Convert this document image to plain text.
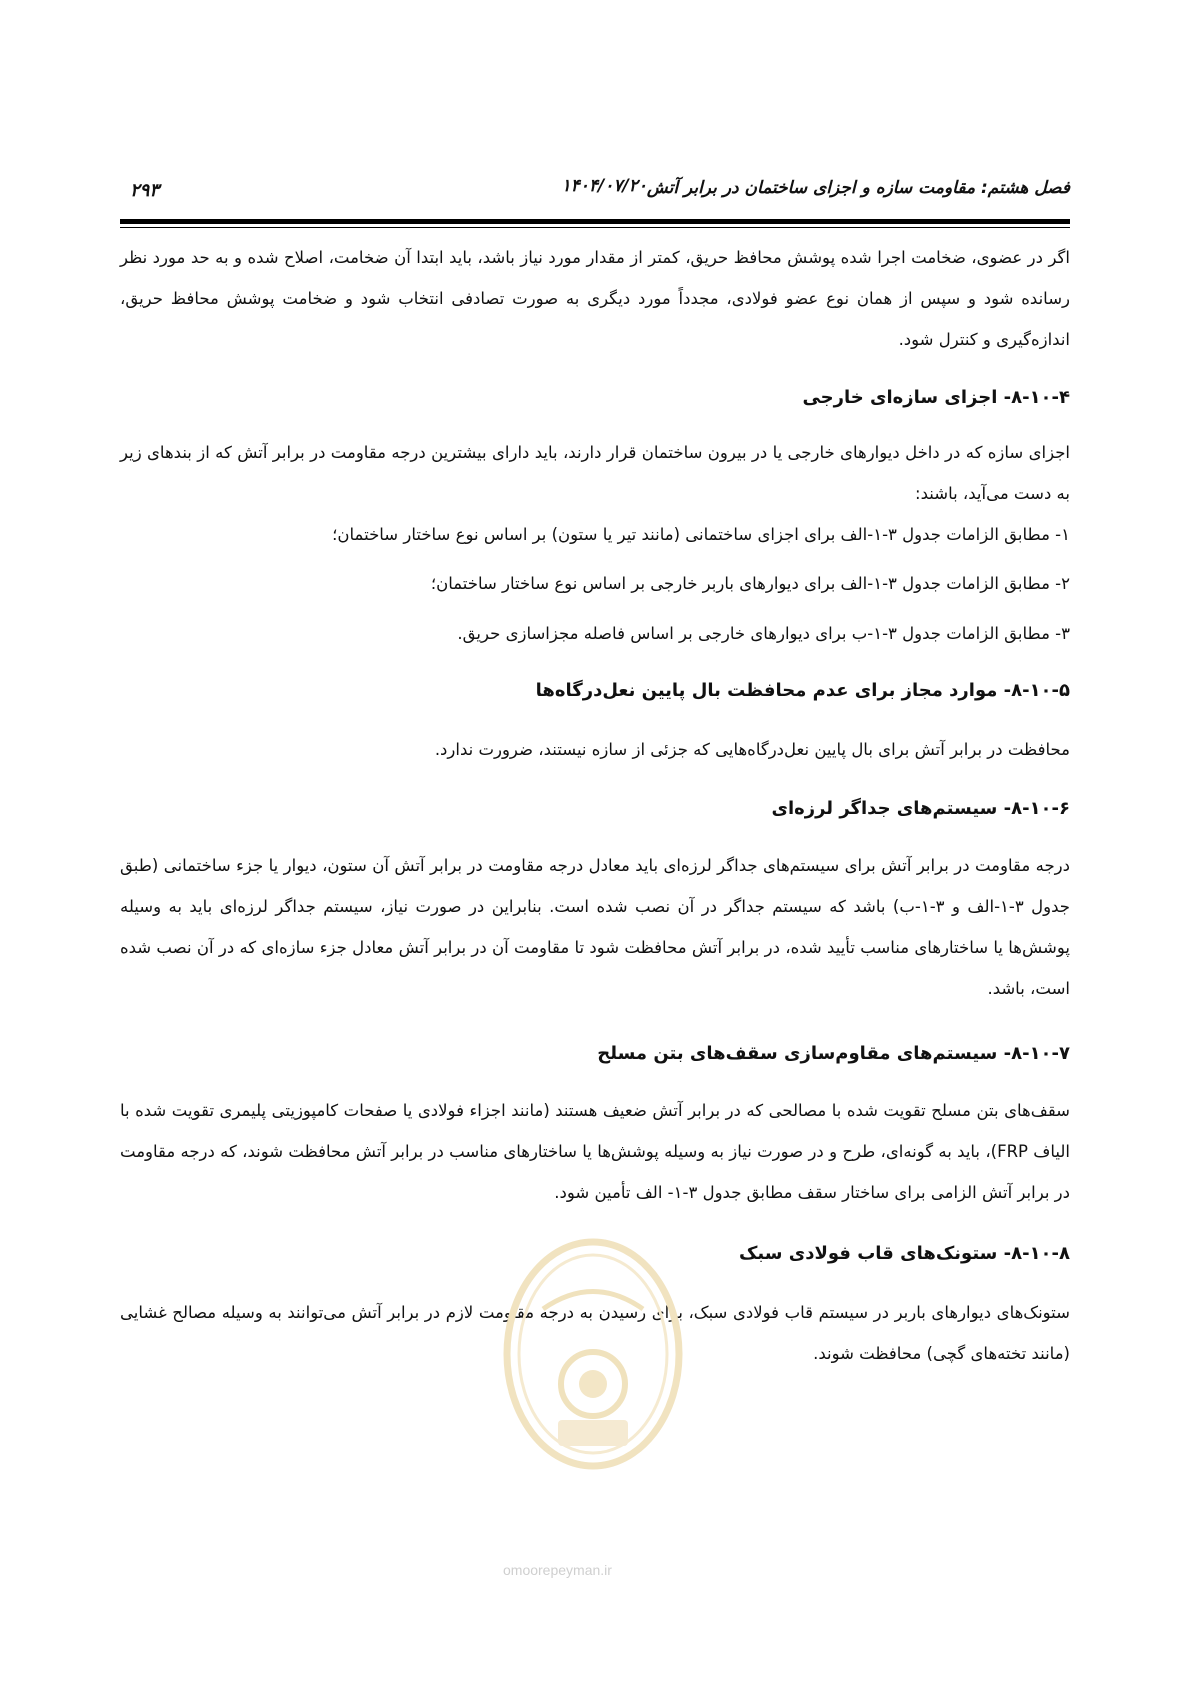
فصل هشتم: مقاومت سازه و اجزای ساختمان در برابر آتش
۱۴۰۴/۰۷/۲۰
۲۹۳

اگر در عضوی، ضخامت اجرا شده پوشش محافظ حریق، کمتر از مقدار مورد نیاز باشد، باید ابتدا آن ضخامت، اصلاح شده و به حد مورد نظر رسانده شود و سپس از همان نوع عضو فولادی، مجدداً مورد دیگری به صورت تصادفی انتخاب شود و ضخامت پوشش محافظ حریق، اندازه‌گیری و کنترل شود.

۸-۱۰-۴- اجزای سازه‌ای خارجی

اجزای سازه که در داخل دیوارهای خارجی یا در بیرون ساختمان قرار دارند، باید دارای بیشترین درجه مقاومت در برابر آتش که از بندهای زیر به دست می‌آید، باشند:

۱- مطابق الزامات جدول ۳-۱-الف برای اجزای ساختمانی (مانند تیر یا ستون) بر اساس نوع ساختار ساختمان؛
۲- مطابق الزامات جدول ۳-۱-الف برای دیوارهای باربر خارجی بر اساس نوع ساختار ساختمان؛
۳- مطابق الزامات جدول ۳-۱-ب برای دیوارهای خارجی بر اساس فاصله مجزاسازی حریق.
۸-۱۰-۵- موارد مجاز برای عدم محافظت بال پایین نعل‌درگاه‌ها

محافظت در برابر آتش برای بال پایین نعل‌درگاه‌هایی که جزئی از سازه نیستند، ضرورت ندارد.

۸-۱۰-۶- سیستم‌های جداگر لرزه‌ای

درجه مقاومت در برابر آتش برای سیستم‌های جداگر لرزه‌ای باید معادل درجه مقاومت در برابر آتش آن ستون، دیوار یا جزء ساختمانی (طبق جدول ۳-۱-الف و ۳-۱-ب) باشد که سیستم جداگر در آن نصب شده است. بنابراین در صورت نیاز، سیستم جداگر لرزه‌ای باید به وسیله پوشش‌ها یا ساختارهای مناسب تأیید شده، در برابر آتش محافظت شود تا مقاومت آن در برابر آتش معادل جزء سازه‌ای که در آن نصب شده است، باشد.

۸-۱۰-۷- سیستم‌های مقاوم‌سازی سقف‌های بتن مسلح

سقف‌های بتن مسلح تقویت شده با مصالحی که در برابر آتش ضعیف هستند (مانند اجزاء فولادی یا صفحات کامپوزیتی پلیمری تقویت شده با الیاف FRP)، باید به گونه‌ای، طرح و در صورت نیاز به وسیله پوشش‌ها یا ساختارهای مناسب در برابر آتش محافظت شوند، که درجه مقاومت در برابر آتش الزامی برای ساختار سقف مطابق جدول ۳-۱- الف تأمین شود.

۸-۱۰-۸- ستونک‌های قاب فولادی سبک

ستونک‌های دیوارهای باربر در سیستم قاب فولادی سبک، برای رسیدن به درجه مقاومت لازم در برابر آتش می‌توانند به وسیله مصالح غشایی (مانند تخته‌های گچی) محافظت شوند.

omoorepeyman.ir
